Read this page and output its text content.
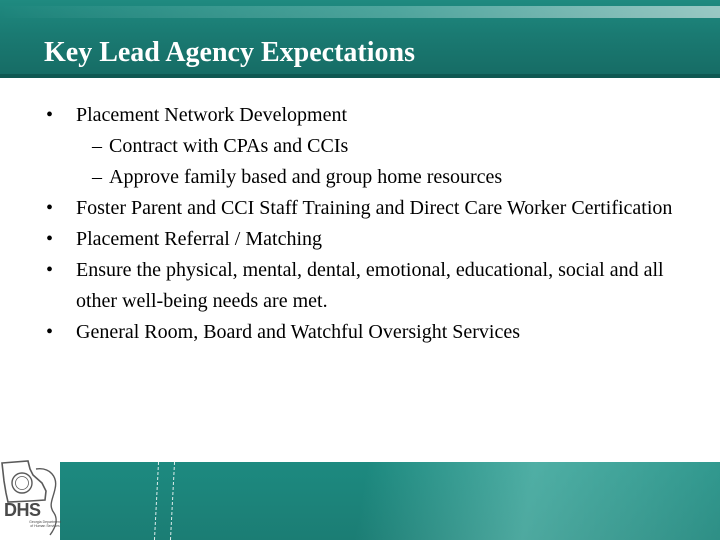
Key Lead Agency Expectations
•	Placement Network Development
– Contract with CPAs and CCIs
– Approve family based and group home resources
•	Foster Parent and CCI Staff Training and Direct Care Worker Certification
•	Placement Referral / Matching
•	Ensure the physical, mental, dental, emotional, educational, social and all other well-being needs are met.
•	General Room, Board and Watchful Oversight Services
DHS
Georgia Department of Human Services
